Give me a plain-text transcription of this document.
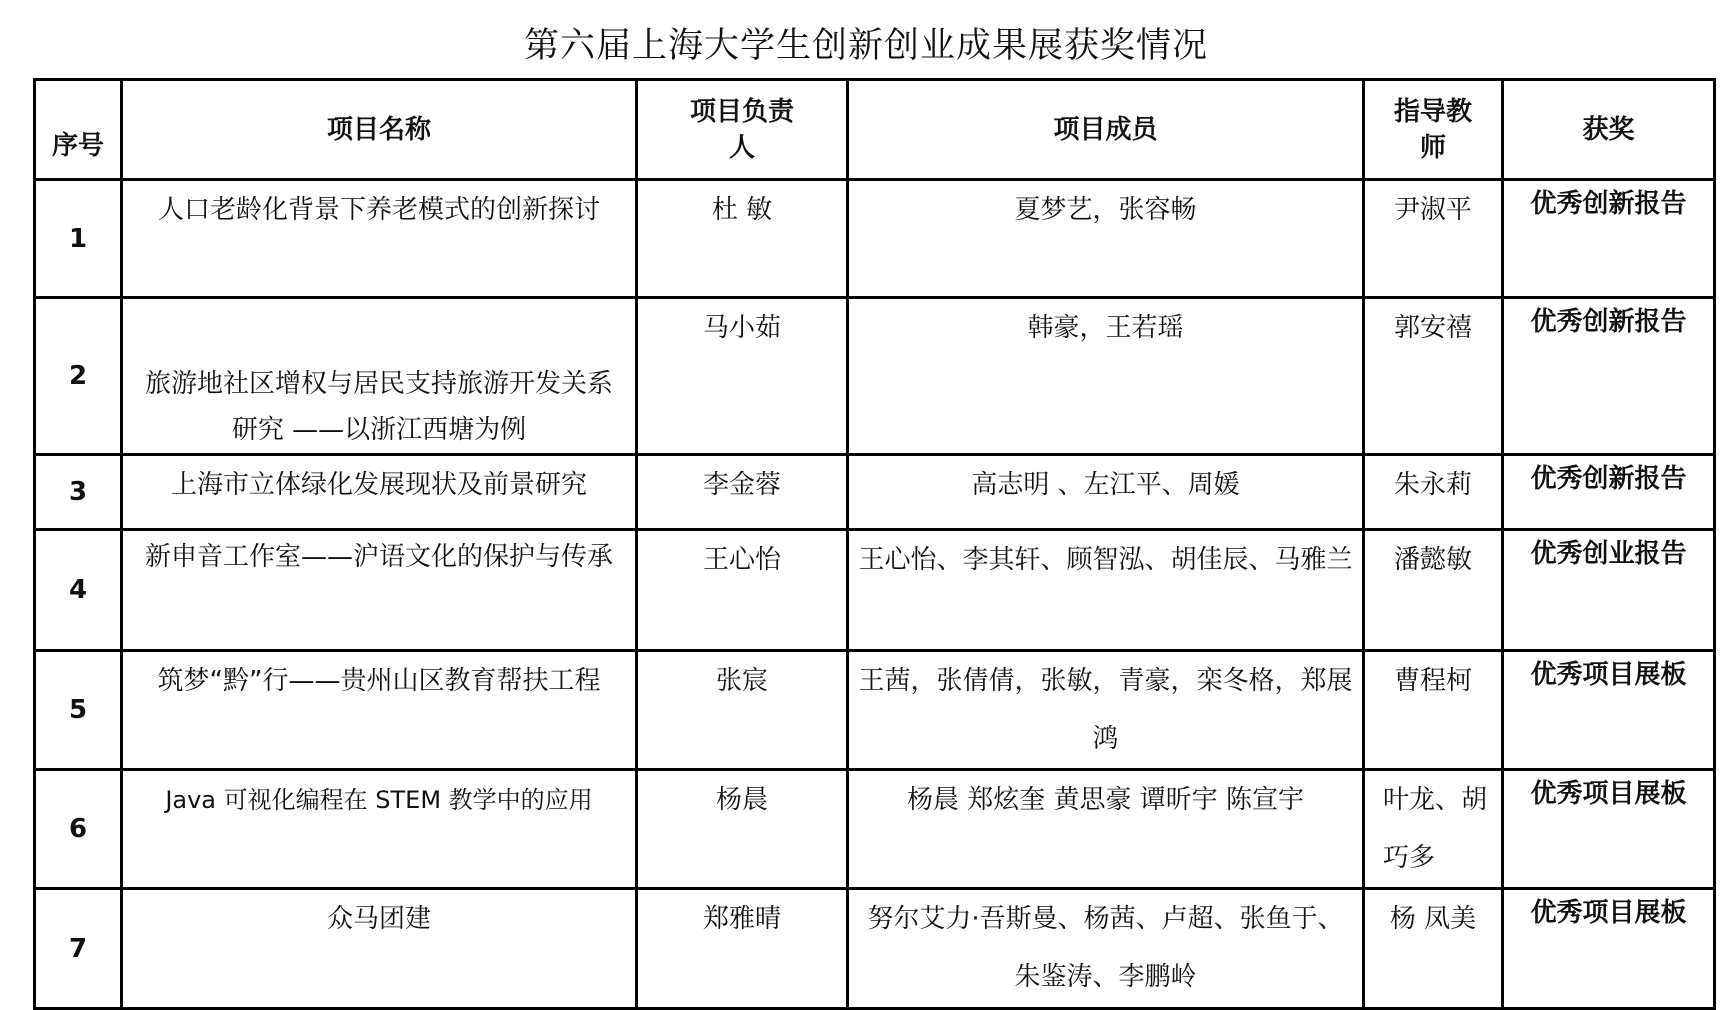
第六届上海大学生创新创业成果展获奖情况
序号	项目名称	项目负责人	项目成员	指导教师	获奖

1	人口老龄化背景下养老模式的创新探讨	杜 敏	夏梦艺，张容畅	尹淑平	优秀创新报告

2	旅游地社区增权与居民支持旅游开发关系研究 ——以浙江西塘为例	马小茹	韩豪，王若瑶	郭安禧	优秀创新报告

3	上海市立体绿化发展现状及前景研究	李金蓉	高志明 、左江平、周媛	朱永莉	优秀创新报告

4	新申音工作室——沪语文化的保护与传承	王心怡	王心怡、李其轩、顾智泓、胡佳辰、马雅兰	潘懿敏	优秀创业报告

5	筑梦“黔”行——贵州山区教育帮扶工程	张宸	王茜，张倩倩，张敏，青豪，栾冬格，郑展鸿	曹程柯	优秀项目展板

6	Java 可视化编程在 STEM 教学中的应用	杨晨	杨晨 郑炫奎 黄思豪 谭昕宇 陈宣宇	叶龙、胡巧多	优秀项目展板

7	众马团建	郑雅晴	努尔艾力·吾斯曼、杨茜、卢超、张鱼于、朱鉴涛、李鹏岭	杨 凤美	优秀项目展板
